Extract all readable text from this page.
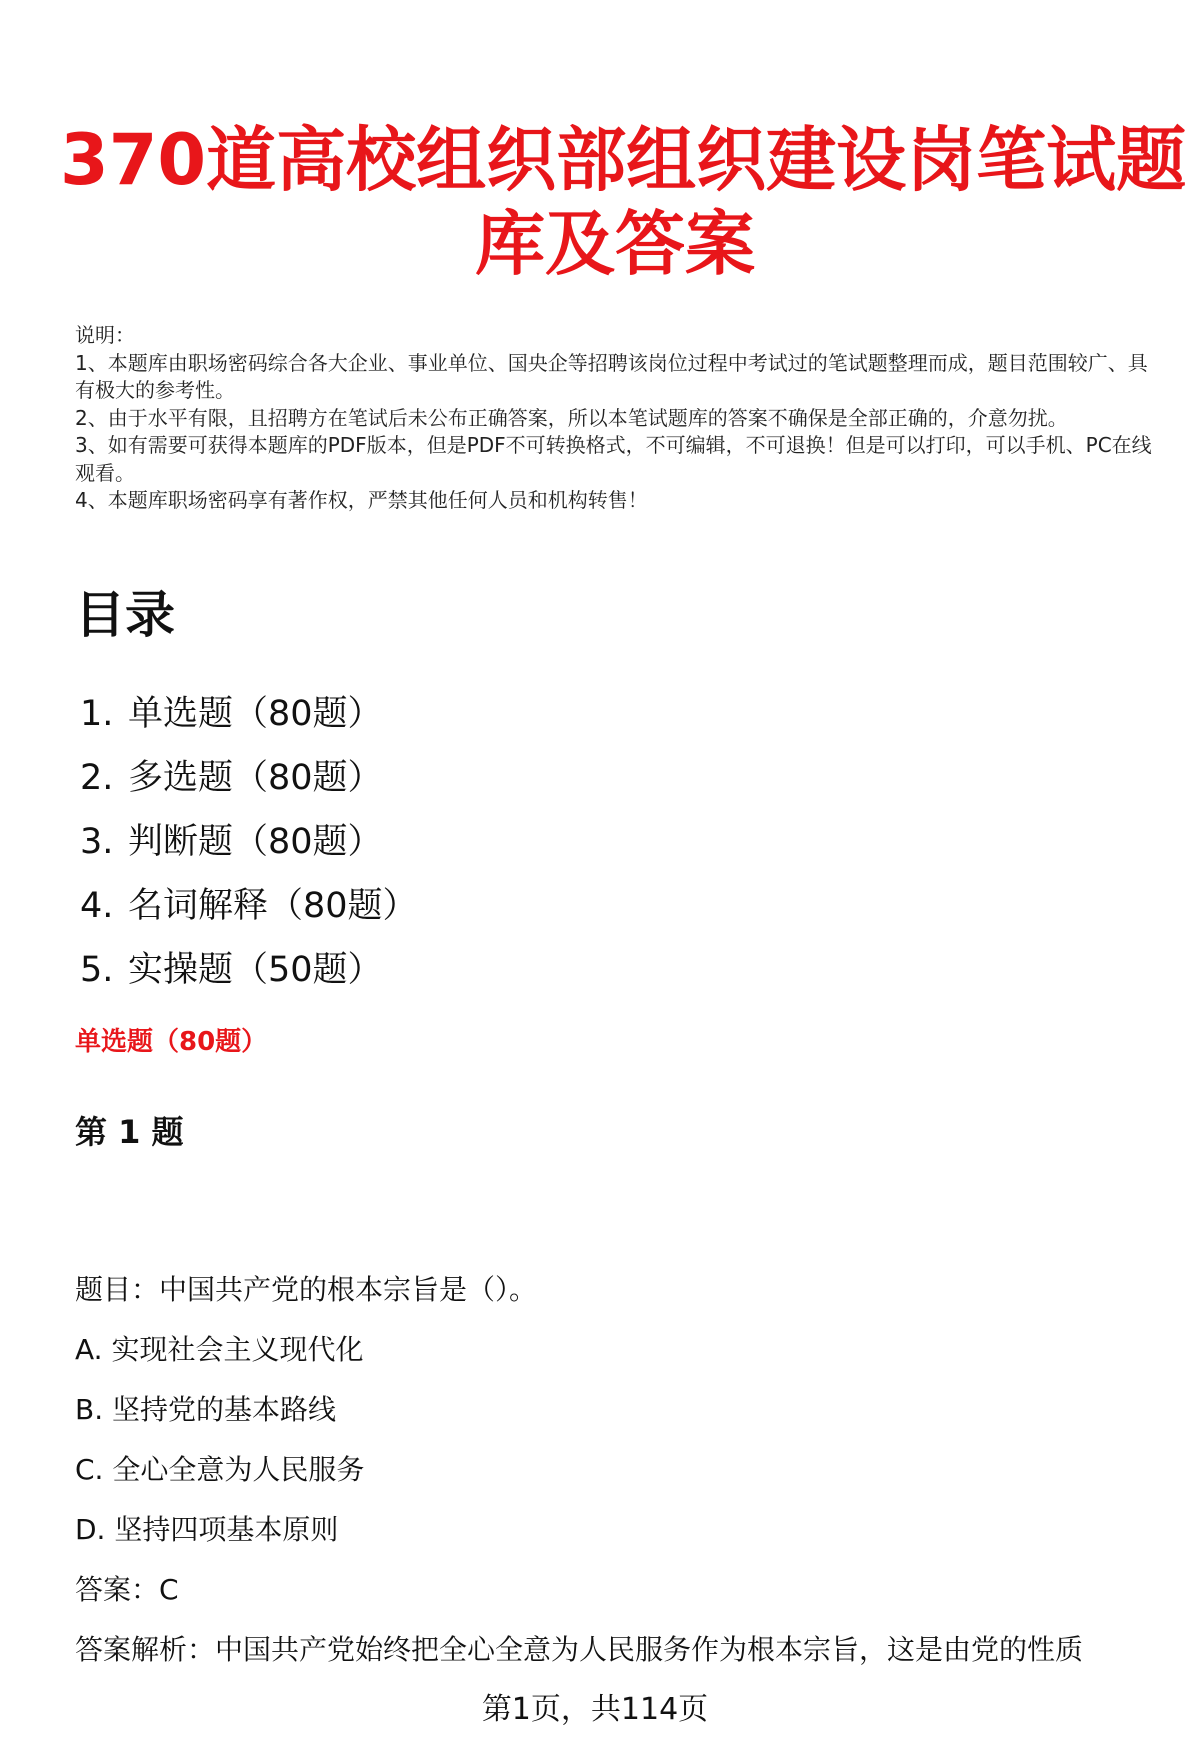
370道高校组织部组织建设岗笔试题
库及答案

说明：

1、本题库由职场密码综合各大企业、事业单位、国央企等招聘该岗位过程中考试过的笔试题整理而成，题目范围较广、具有极大的参考性。

2、由于水平有限，且招聘方在笔试后未公布正确答案，所以本笔试题库的答案不确保是全部正确的，介意勿扰。

3、如有需要可获得本题库的PDF版本，但是PDF不可转换格式，不可编辑，不可退换！但是可以打印，可以手机、PC在线观看。

4、本题库职场密码享有著作权，严禁其他任何人员和机构转售！

目录
1. 单选题（80题）
2. 多选题（80题）
3. 判断题（80题）
4. 名词解释（80题）
5. 实操题（50题）
单选题（80题）
第 1 题
题目：中国共产党的根本宗旨是（）。
A. 实现社会主义现代化
B. 坚持党的基本路线
C. 全心全意为人民服务
D. 坚持四项基本原则
答案：C
答案解析：中国共产党始终把全心全意为人民服务作为根本宗旨，这是由党的性质
第1页，共114页
